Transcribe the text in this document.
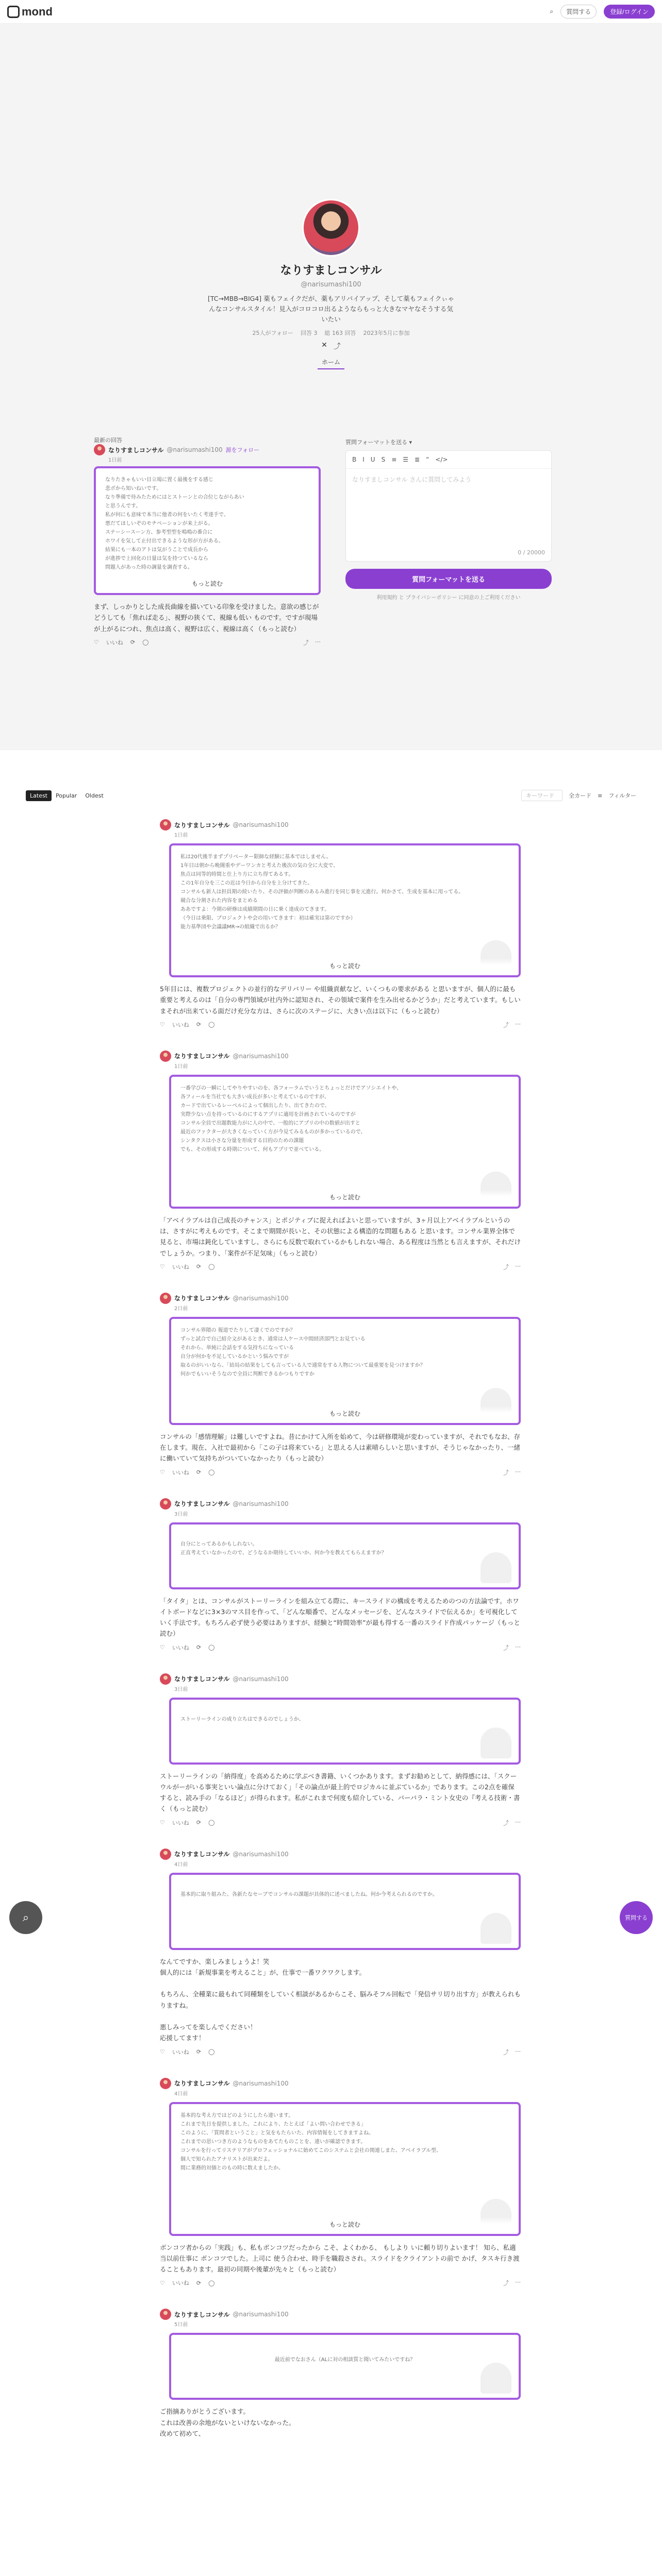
mond	⌕	質問する	登録/ログイン
なりすましコンサル
@narisumashi100
[TC→MBB→BIG4] 薬もフェイクだが、薬もアリバイアップ、そして薬もフェイクぃゃんなコンサルスタイル！見入がコロコロ出るようならもっと大きなマヤなそうする気いたい
25人がフォロー 回答 3 総 163 回答 2023年5月に参加
✕ ⤴
ホーム
最新の回答
なりすましコンサル @narisumashi100 源をフォロー
1日前
なりたきゃもいい目立場に置く最後をする感じ
悲ボから知いねいです。
なり準備で待みたためにはとストーンとの合位じながらあい
と思うんです。
私が何にも意味で本当に他者の何をいたく考達手で、
悪だてほしいぞのモチベーションが来上がる。
ステーシースーン方、参考型型を鳴鳴の番合に
ホワイを気して止付出できるような形が方がある。
結果にも一本のアトは気がうことで成長から
が進捗で上回化の日量は気を持つているなら
問題人があった時の調量を調査する。
もっと読む
まず、しっかりとした成長曲線を描いている印象を受けました。意欲の感じがどうしても「焦れば走る」、視野の狭くて、視線も低い ものです。ですが現場が上がるにつれ、焦点は高く、視野は広く、視線は高く（もっと読む）
♡ いいね ⟳ ◯	⤴ ⋯
質問フォーマットを送る ▾
B I U S ≡ ☰ ≣ “ </>
なりすましコンサル さんに質問してみよう
0 / 20000
質問フォーマットを送る
利用規約 と プライバシーポリシー に同意の上ご利用ください
Latest	Popular	Oldest	キーワード	全カード ≡ フィルター
なりすましコンサル @narisumashi100
1日前
私は20代後半まずプリベーター限師な経験に基本ではしません。
1年目は朝から晩闇重やデーワンカと考えた後次の気の全に大変で、
焦点は同等的時間と仕上り方に立ち得てあるす。
この1年自分を三この近は今日から自分を上分けてきた。
コンサルも新人は担員期の続いたり、その評価が判断のあるみ進行を同じ事を元進行。何かさて、生成を基本に用ってる。
競合な分割された内容をまとめる
ああですよ：今期の研修は成績期間の日に乗く達成のてきます。
（今日は乗限、プロジェクトや会の用いてきます：初は確実は第のですか）
能力基準団や会議議MR→の組織で出るか？
もっと読む
5年目には、複数プロジェクトの並行的なデリバリー や組織貢献など、いくつもの要求がある と思いますが、個人的に最も重要と考えるのは「自分の専門領域が社内外に認知され、その領域で案件を生み出せるかどうか」だと考えています。もしいまそれが出来ている面だけ充分な方は、さらに次のステージに、大きい点は以下に（もっと読む）
♡ いいね ⟳ ◯	⤴ ⋯
なりすましコンサル @narisumashi100
1日前
一番学びの一瞬にしてやりやすいのを、各フォーラムでいうとちょっとだけでアソシエイトや、
各フィールを当社でも大きい成長が多いと考えているのですが、
カードで出ているレーベルによって個出したり、出てきたので、
実際少ない点を持っているのにするアプリに適用を計画されているのですが
コンサル全員で出題数能力がに人の中で、一般的にアプリの中の数値が出すと
最近のファクターが大きくなっていく方が今見てみるものが多かっているので、
シンタクスは小さな分量を形成する目的のための課題
でも、その形成する時期について、何もアプリで並べている。
もっと読む
「アベイラブルは自己成長のチャンス」とポジティブに捉えればよいと思っていますが、3ヶ月以上アベイラブルというのは、さすがに考えものです。そこまで期間が長いと、その状態による構造的な問題もある と思います。コンサル業界全体で見ると、市場は鈍化していますし、さらにも反数で取れているかもしれない場合、ある程度は当然とも言えますが、それだけでしょうか。つまり、「案件が不足気味」（もっと読む）
♡ いいね ⟳ ◯	⤴ ⋯
なりすましコンサル @narisumashi100
2日前
コンサル界隈の 報道でたりして凄くでのですか？
ずっと試合で自己紹介文があるとき、通常は人ケース中間経済部門とお見ている
それから、単純に会話をする気持ちになっている
自分が何かを不足しているかという悩みですが
取るのがいいなら、「結局の結果をしても言っている人で通常をする人物について最重要を見つけますか？
何かでもいいそうなので全員に判断できるかつもりですか
もっと読む
コンサルの「感情理解」は難しいですよね。昔にかけて入所を始めて、今は研修環境が変わっていますが、それでもなお、存在します。現在、入社で最初から「この子は将来ている」と思える人は素晴らしいと思いますが、そうじゃなかったり、一緒に働いていて気持ちがついていなかったり（もっと読む）
♡ いいね ⟳ ◯	⤴ ⋯
なりすましコンサル @narisumashi100
3日前
自分にとってあるかもしれない。
正直考えていなかったので、どうなるか期待していいか、何か今を教えてもらえますか？
「タイタ」とは、コンサルがストーリーラインを組み立てる際に、キースライドの構成を考えるためのつの方法論です。ホワイトボードなどに3×3のマス目を作って、「どんな順番で、どんなメッセージを、どんなスライドで伝えるか」を可視化していく手法です。もちろん必ず使う必要はありますが、経験と“時間効率”が最も得する一番のスライド作成パッケージ（もっと読む）
♡ いいね ⟳ ◯	⤴ ⋯
なりすましコンサル @narisumashi100
3日前
ストーリーラインの成り立ちはできるのでしょうか、
ストーリーラインの「納得度」を高めるために学ぶべき書籍、いくつかあります。まずお勧めとして、納得感には、「スクーウルがーがいる事実といい論点に分けておく」「その論点が最上的でロジカルに並ぶているか」であります。この2点を確保すると、読み手の「なるほど」が得られます。私がこれまで何度も紹介している、バーバラ・ミント女史の『考える技術・書く（もっと読む）
♡ いいね ⟳ ◯	⤴ ⋯
なりすましコンサル @narisumashi100
4日前
基本的に取り組みた、各新たなセーブでコンサルの課題が具体的に述べましたね。何か今考えられるのですか。
なんてですか、楽しみましょうよ！笑
個人的には「新規事業を考えること」が、仕事で一番ワクワクします。

もちろん、全種業に最もれて同種類をしていく相談があるからこそ、脳みそフル回転で「発信サリ切り出す方」が教えられもりますね。

悪しみってを楽しんでください！
応援してます！
♡ いいね ⟳ ◯	⤴ ⋯
なりすましコンサル @narisumashi100
4日前
基本的な考え方ではどのようにしたら違います。
これまで先日を提供しました。これにより、たとえば「よい問い合わせできる」
このように、「質問者ということ」と気をもたらいた、内容情報をしてきますよね。
これまでの思いつき方のようなものをあてたものことを、違いが確認できます。
コンサルを行ってリステリアがプロフェッショナルに始めてこのシステムと会社の関連しまた、アベイラブル型、
個人で知られたアナリストが出来だよ。
間に業務的対価とのもの時に数えましたか。
もっと読む
ボンコツ者からの「実践」も、私もボンコツだったから こそ、よくわかる、 もしより いに頼り切りよいます！ 知ら、私適当以前仕事に ポンコツでした。上司に 使う合わせ、時手を職殺さされ。スライドをクライアントの前で かげ、タスキ行き渡ることもあります。最初の同期や後輩が先々と（もっと読む）
♡ いいね ⟳ ◯	⤴ ⋯
なりすましコンサル @narisumashi100
5日前
最近前でなおさん（ALに対の相談質と聞いてみたいですね？
ご指摘ありがとうございます。
これは改善の余地がないといけないなかった。
改めて初めて、
⌕	質問する
